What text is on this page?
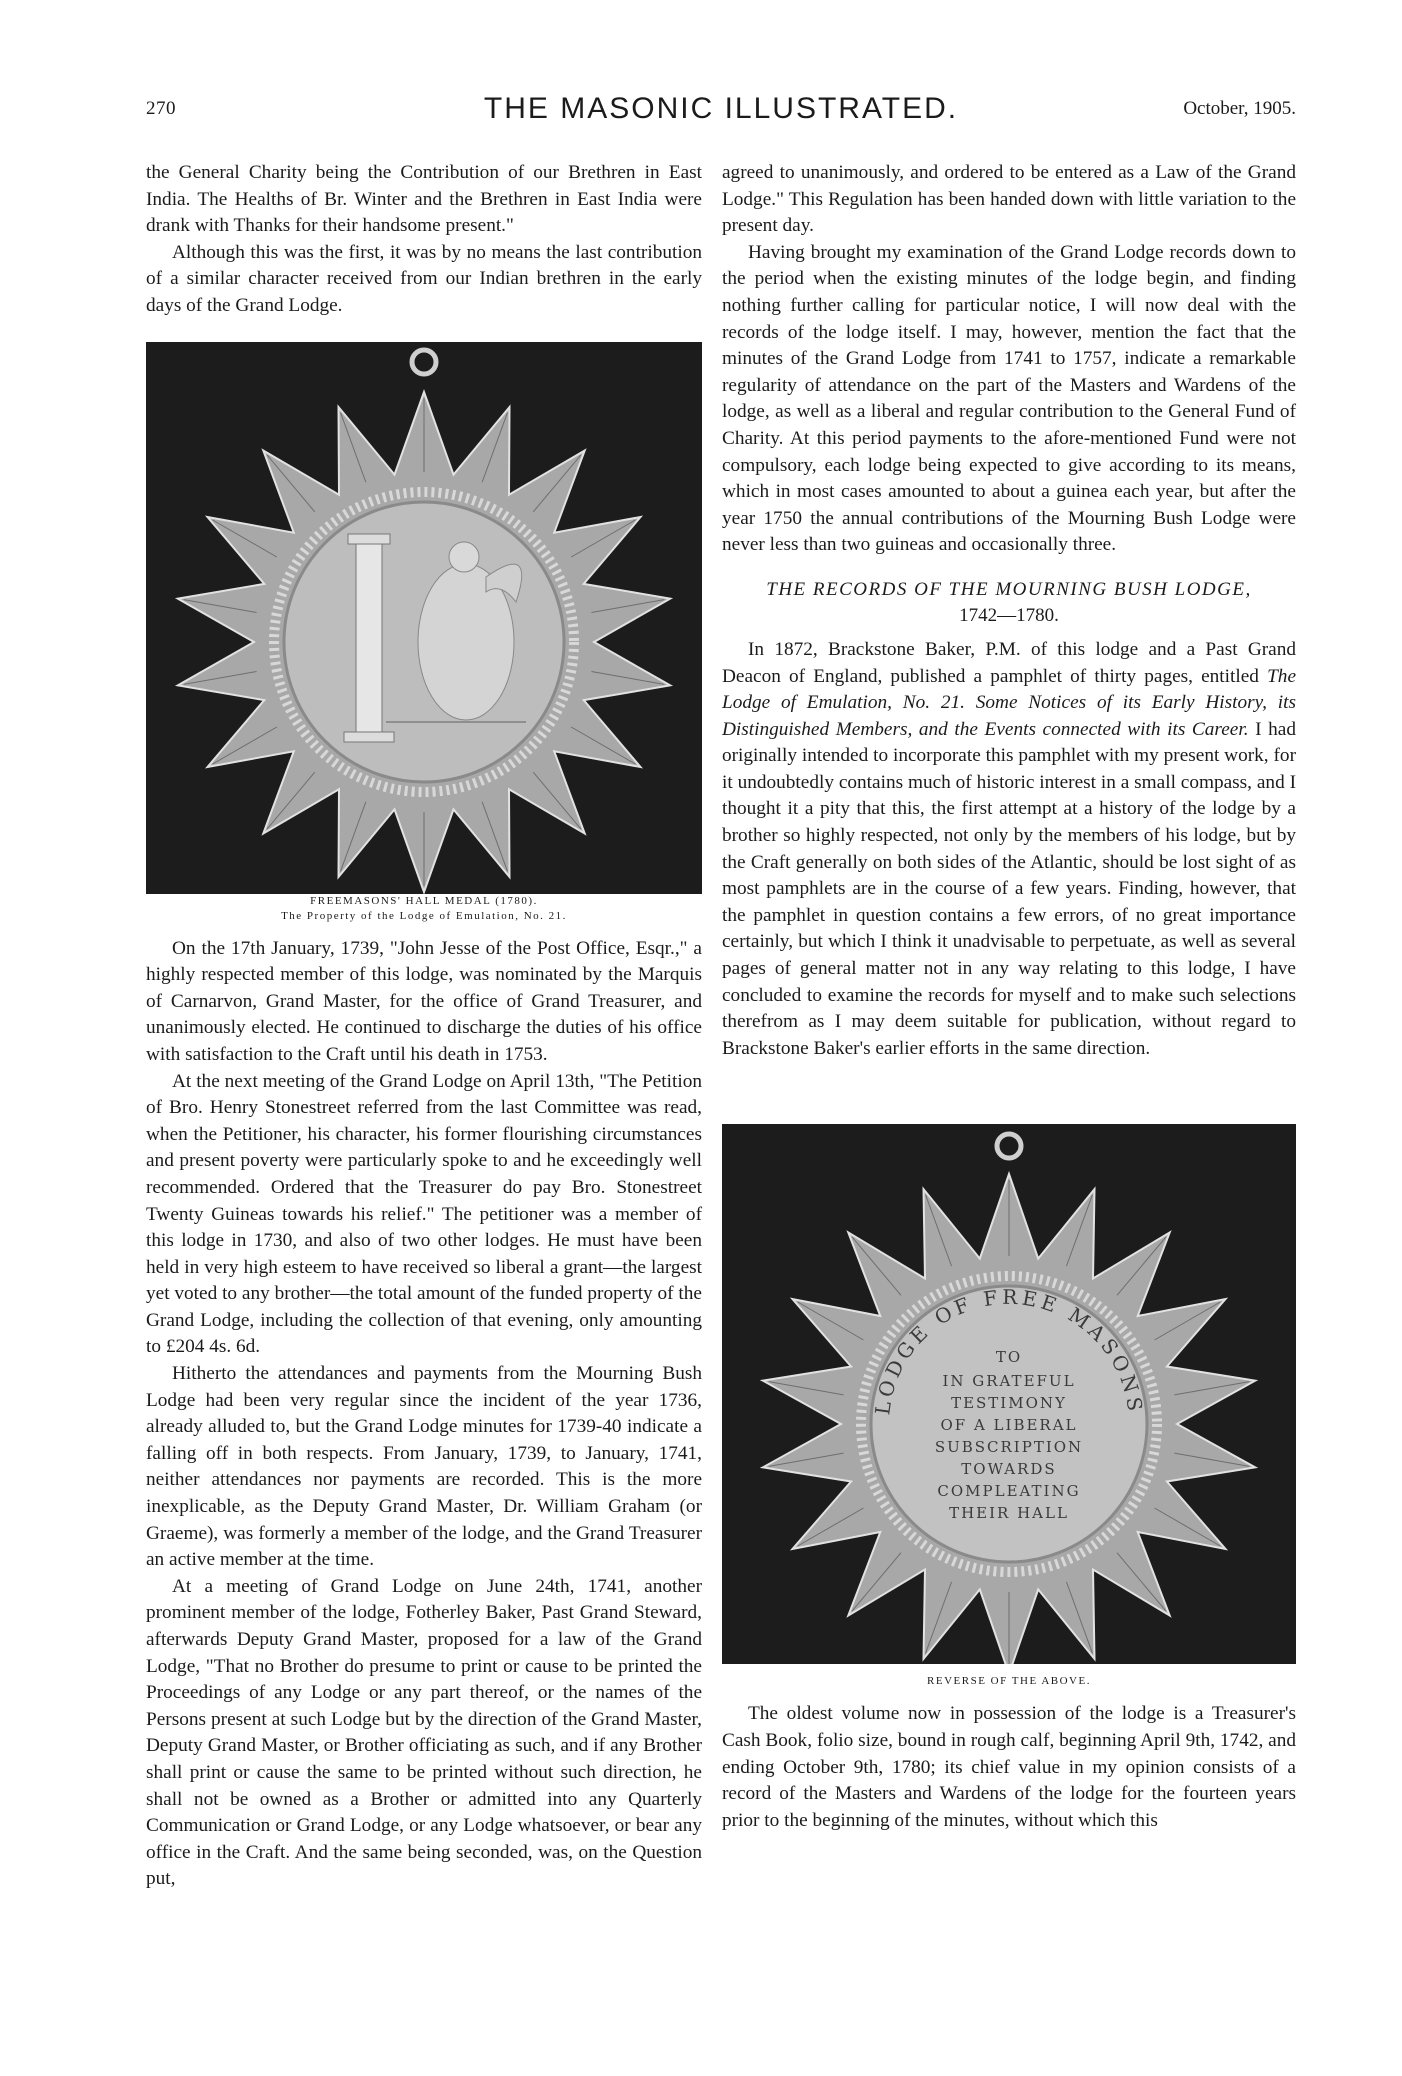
270	THE MASONIC ILLUSTRATED.	October, 1905.

the General Charity being the Contribution of our Brethren in East India. The Healths of Br. Winter and the Brethren in East India were drank with Thanks for their handsome present."

Although this was the first, it was by no means the last contribution of a similar character received from our Indian brethren in the early days of the Grand Lodge.

FREEMASONS' HALL MEDAL (1780).
The Property of the Lodge of Emulation, No. 21.

On the 17th January, 1739, "John Jesse of the Post Office, Esqr.," a highly respected member of this lodge, was nominated by the Marquis of Carnarvon, Grand Master, for the office of Grand Treasurer, and unanimously elected. He continued to discharge the duties of his office with satisfaction to the Craft until his death in 1753.

At the next meeting of the Grand Lodge on April 13th, "The Petition of Bro. Henry Stonestreet referred from the last Committee was read, when the Petitioner, his character, his former flourishing circumstances and present poverty were particularly spoke to and he exceedingly well recommended. Ordered that the Treasurer do pay Bro. Stonestreet Twenty Guineas towards his relief." The petitioner was a member of this lodge in 1730, and also of two other lodges. He must have been held in very high esteem to have received so liberal a grant—the largest yet voted to any brother—the total amount of the funded property of the Grand Lodge, including the collection of that evening, only amounting to £204 4s. 6d.

Hitherto the attendances and payments from the Mourning Bush Lodge had been very regular since the incident of the year 1736, already alluded to, but the Grand Lodge minutes for 1739-40 indicate a falling off in both respects. From January, 1739, to January, 1741, neither attendances nor payments are recorded. This is the more inexplicable, as the Deputy Grand Master, Dr. William Graham (or Graeme), was formerly a member of the lodge, and the Grand Treasurer an active member at the time.

At a meeting of Grand Lodge on June 24th, 1741, another prominent member of the lodge, Fotherley Baker, Past Grand Steward, afterwards Deputy Grand Master, proposed for a law of the Grand Lodge, "That no Brother do presume to print or cause to be printed the Proceedings of any Lodge or any part thereof, or the names of the Persons present at such Lodge but by the direction of the Grand Master, Deputy Grand Master, or Brother officiating as such, and if any Brother shall print or cause the same to be printed without such direction, he shall not be owned as a Brother or admitted into any Quarterly Communication or Grand Lodge, or any Lodge whatsoever, or bear any office in the Craft. And the same being seconded, was, on the Question put,

agreed to unanimously, and ordered to be entered as a Law of the Grand Lodge." This Regulation has been handed down with little variation to the present day.

Having brought my examination of the Grand Lodge records down to the period when the existing minutes of the lodge begin, and finding nothing further calling for particular notice, I will now deal with the records of the lodge itself. I may, however, mention the fact that the minutes of the Grand Lodge from 1741 to 1757, indicate a remarkable regularity of attendance on the part of the Masters and Wardens of the lodge, as well as a liberal and regular contribution to the General Fund of Charity. At this period payments to the afore-mentioned Fund were not compulsory, each lodge being expected to give according to its means, which in most cases amounted to about a guinea each year, but after the year 1750 the annual contributions of the Mourning Bush Lodge were never less than two guineas and occasionally three.

THE RECORDS OF THE MOURNING BUSH LODGE,
1742—1780.

In 1872, Brackstone Baker, P.M. of this lodge and a Past Grand Deacon of England, published a pamphlet of thirty pages, entitled The Lodge of Emulation, No. 21. Some Notices of its Early History, its Distinguished Members, and the Events connected with its Career. I had originally intended to incorporate this pamphlet with my present work, for it undoubtedly contains much of historic interest in a small compass, and I thought it a pity that this, the first attempt at a history of the lodge by a brother so highly respected, not only by the members of his lodge, but by the Craft generally on both sides of the Atlantic, should be lost sight of as most pamphlets are in the course of a few years. Finding, however, that the pamphlet in question contains a few errors, of no great importance certainly, but which I think it unadvisable to perpetuate, as well as several pages of general matter not in any way relating to this lodge, I have concluded to examine the records for myself and to make such selections therefrom as I may deem suitable for publication, without regard to Brackstone Baker's earlier efforts in the same direction.

LODGE OF FREE MASONS
TO
IN GRATEFUL
TESTIMONY
OF A LIBERAL
SUBSCRIPTION
TOWARDS
COMPLEATING
THEIR HALL
REVERSE OF THE ABOVE.

The oldest volume now in possession of the lodge is a Treasurer's Cash Book, folio size, bound in rough calf, beginning April 9th, 1742, and ending October 9th, 1780; its chief value in my opinion consists of a record of the Masters and Wardens of the lodge for the fourteen years prior to the beginning of the minutes, without which this
